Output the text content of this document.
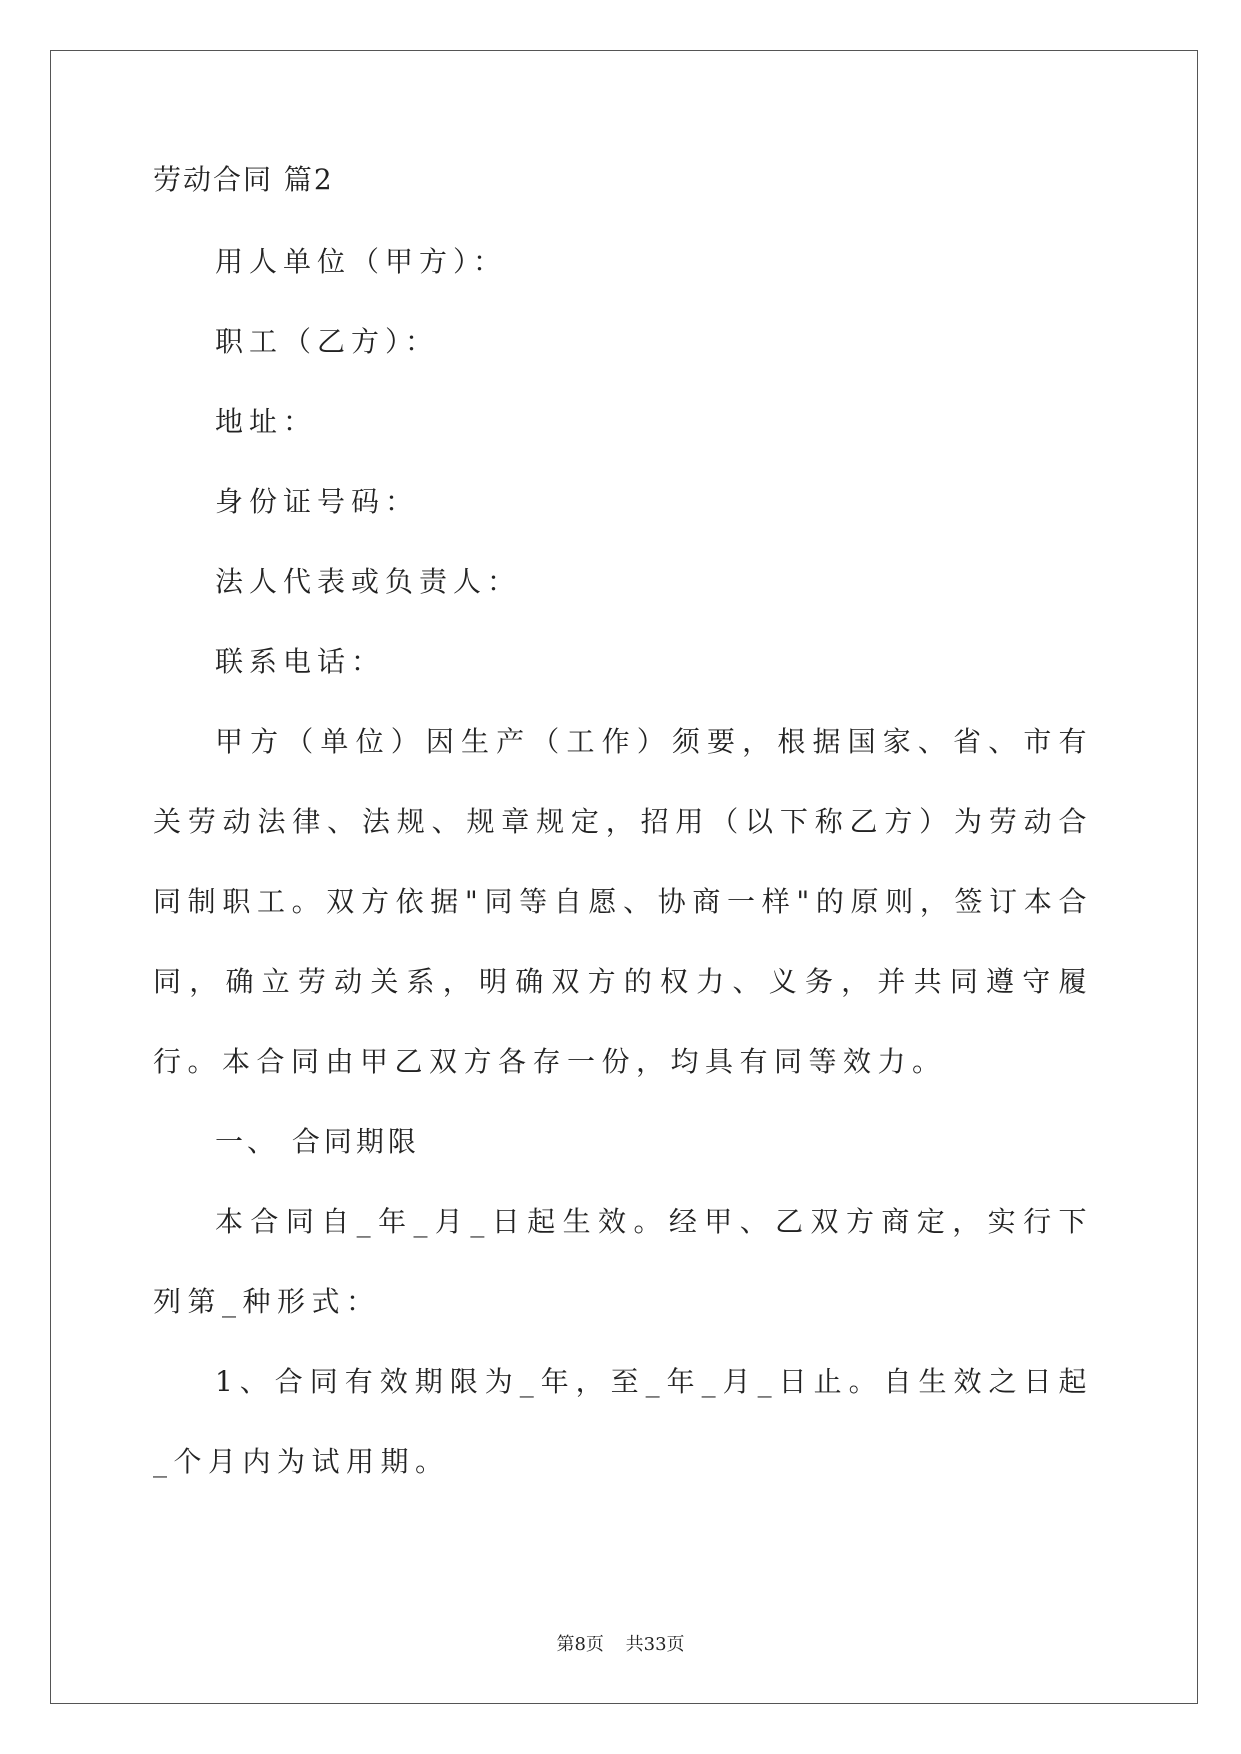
劳动合同 篇2
用人单位（甲方）：
职工（乙方）：
地址：
身份证号码：
法人代表或负责人：
联系电话：

甲方（单位）因生产（工作）须要，根据国家、省、市有关劳动法律、法规、规章规定，招用（以下称乙方）为劳动合同制职工。双方依据"同等自愿、协商一样"的原则，签订本合同，确立劳动关系，明确双方的权力、义务，并共同遵守履行。本合同由甲乙双方各存一份，均具有同等效力。

一、 合同期限

本合同自_年_月_日起生效。经甲、乙双方商定，实行下列第_种形式：

1、合同有效期限为_年，至_年_月_日止。自生效之日起_个月内为试用期。

第8页 共33页
